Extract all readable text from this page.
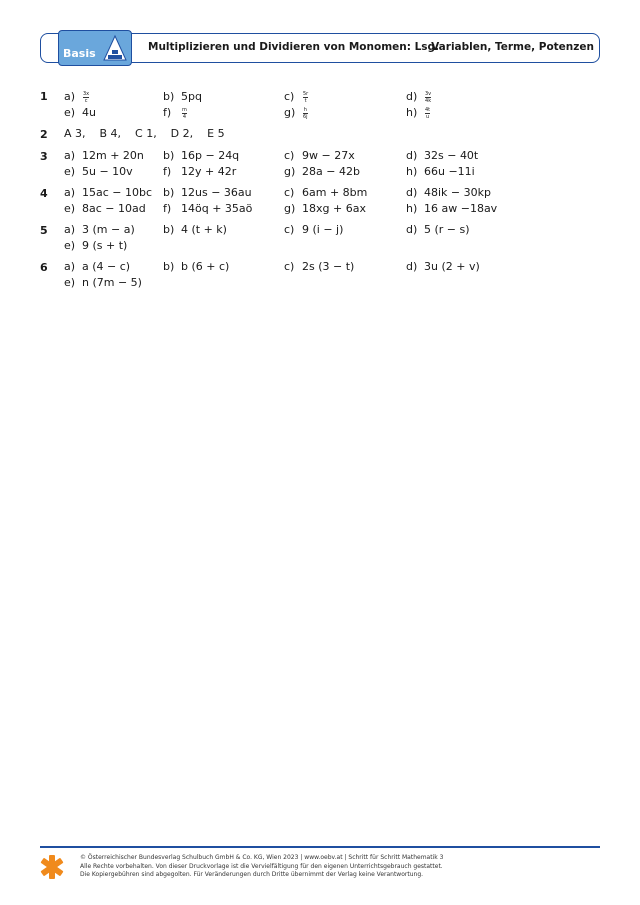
Basis	Multiplizieren und Dividieren von Monomen: Lsg.
Variablen, Terme, Potenzen
1 $a) \frac{3x}{c}$	b) 5pq	$c) \frac{5r}{t}$	$d) \frac{3v}{4k}$
e) 4u	$f) \frac{m}{4}$	$g) \frac{h}{6j}$	$h) \frac{4t}{u}$
2 A 3,    B 4,    C 1,    D 2,    E 5
3 a) 12m + 20n b) 16p − 24q	c) 9w − 27x	d) 32s − 40t
e) 5u − 10v	f) 12y + 42r	g) 28a − 42b	h) 66u −11i
4 a) 15ac − 10bc b) 12us − 36au	c) 6am + 8bm	d) 48ik − 30kp
e) 8ac − 10ad f) 14öq + 35aö	g) 18xg + 6ax	h) 16 aw −18av
5 a) 3 (m − a)	b) 4 (t + k)	c) 9 (i − j)	d) 5 (r − s)
e) 9 (s + t)
6 a) a (4 − c)	b) b (6 + c)	c) 2s (3 − t)	d) 3u (2 + v)
e) n (7m − 5)
© Österreichischer Bundesverlag Schulbuch GmbH & Co. KG, Wien 2023 | www.oebv.at | Schritt für Schritt Mathematik 3
Alle Rechte vorbehalten. Von dieser Druckvorlage ist die Vervielfältigung für den eigenen Unterrichtsgebrauch gestattet.
Die Kopiergebühren sind abgegolten. Für Veränderungen durch Dritte übernimmt der Verlag keine Verantwortung.
